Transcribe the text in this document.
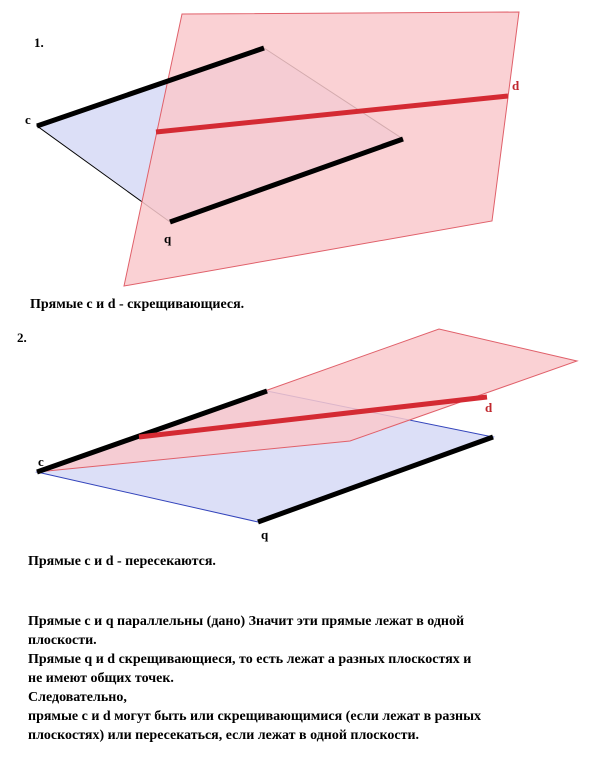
1.
c
d
q
2.
c
d
q
Прямые c и d - скрещивающиеся.
Прямые c и d - пересекаются.
Прямые c и q параллельны (дано) Значит эти прямые лежат в одной
плоскости.
Прямые q и d скрещивающиеся, то есть лежат а разных плоскостях и
не имеют общих точек.
Следовательно,
прямые c и d могут быть или скрещивающимися (если лежат в разных
плоскостях) или пересекаться, если лежат в одной плоскости.
